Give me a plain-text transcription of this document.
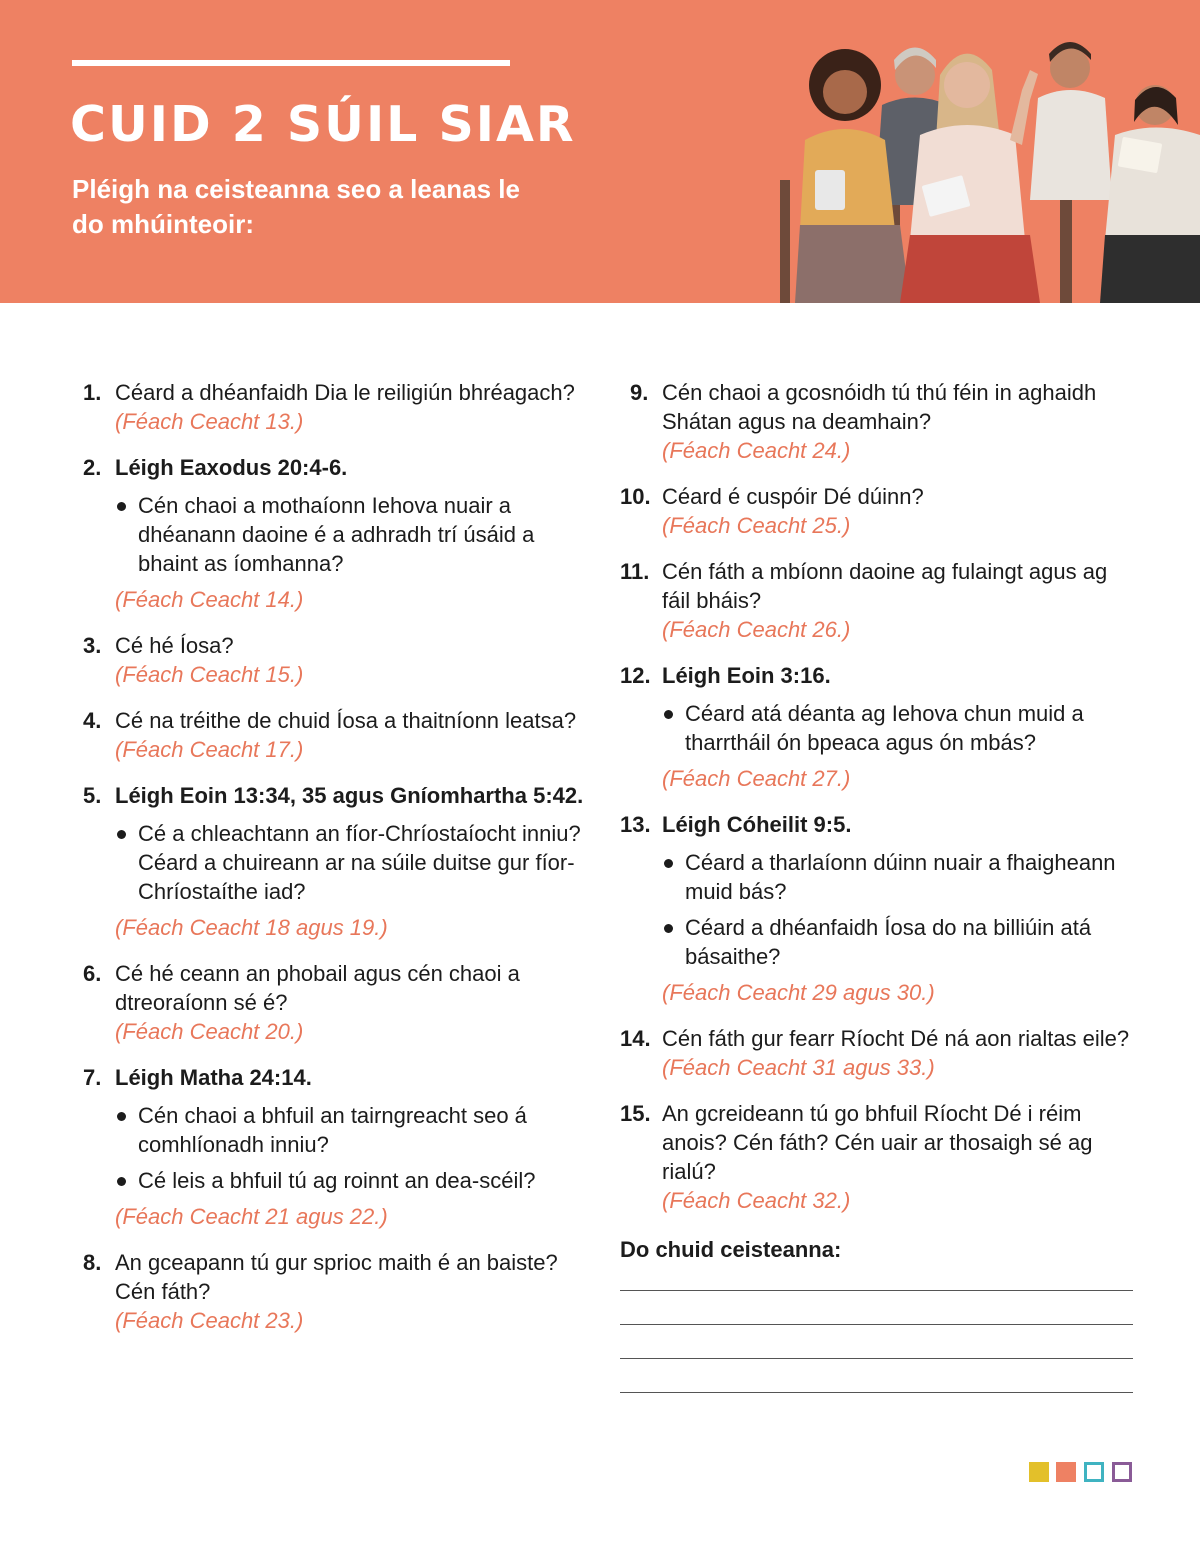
CUID 2 SÚIL SIAR

Pléigh na ceisteanna seo a leanas le do mhúinteoir:

1. Céard a dhéanfaidh Dia le reiligiún bhréagach?
(Féach Ceacht 13.)
2. Léigh Eaxodus 20:4-6.
Cén chaoi a mothaíonn Iehova nuair a dhéanann daoine é a adhradh trí úsáid a bhaint as íomhanna?
(Féach Ceacht 14.)
3. Cé hé Íosa?
(Féach Ceacht 15.)
4. Cé na tréithe de chuid Íosa a thaitníonn leatsa?
(Féach Ceacht 17.)
5. Léigh Eoin 13:34, 35 agus Gníomhartha 5:42.
Cé a chleachtann an fíor-Chríostaíocht inniu? Céard a chuireann ar na súile duitse gur fíor-Chríostaíthe iad?
(Féach Ceacht 18 agus 19.)
6. Cé hé ceann an phobail agus cén chaoi a dtreoraíonn sé é?
(Féach Ceacht 20.)
7. Léigh Matha 24:14.
Cén chaoi a bhfuil an tairngreacht seo á comhlíonadh inniu?
Cé leis a bhfuil tú ag roinnt an dea-scéil?
(Féach Ceacht 21 agus 22.)
8. An gceapann tú gur sprioc maith é an baiste? Cén fáth?
(Féach Ceacht 23.)
9. Cén chaoi a gcosnóidh tú thú féin in aghaidh Shátan agus na deamhain?
(Féach Ceacht 24.)
10. Céard é cuspóir Dé dúinn?
(Féach Ceacht 25.)
11. Cén fáth a mbíonn daoine ag fulaingt agus ag fáil bháis?
(Féach Ceacht 26.)
12. Léigh Eoin 3:16.
Céard atá déanta ag Iehova chun muid a tharrtháil ón bpeaca agus ón mbás?
(Féach Ceacht 27.)
13. Léigh Cóheilit 9:5.
Céard a tharlaíonn dúinn nuair a fhaigheann muid bás?
Céard a dhéanfaidh Íosa do na billiúin atá básaithe?
(Féach Ceacht 29 agus 30.)
14. Cén fáth gur fearr Ríocht Dé ná aon rialtas eile?
(Féach Ceacht 31 agus 33.)
15. An gcreideann tú go bhfuil Ríocht Dé i réim anois? Cén fáth? Cén uair ar thosaigh sé ag rialú?
(Féach Ceacht 32.)
Do chuid ceisteanna:
